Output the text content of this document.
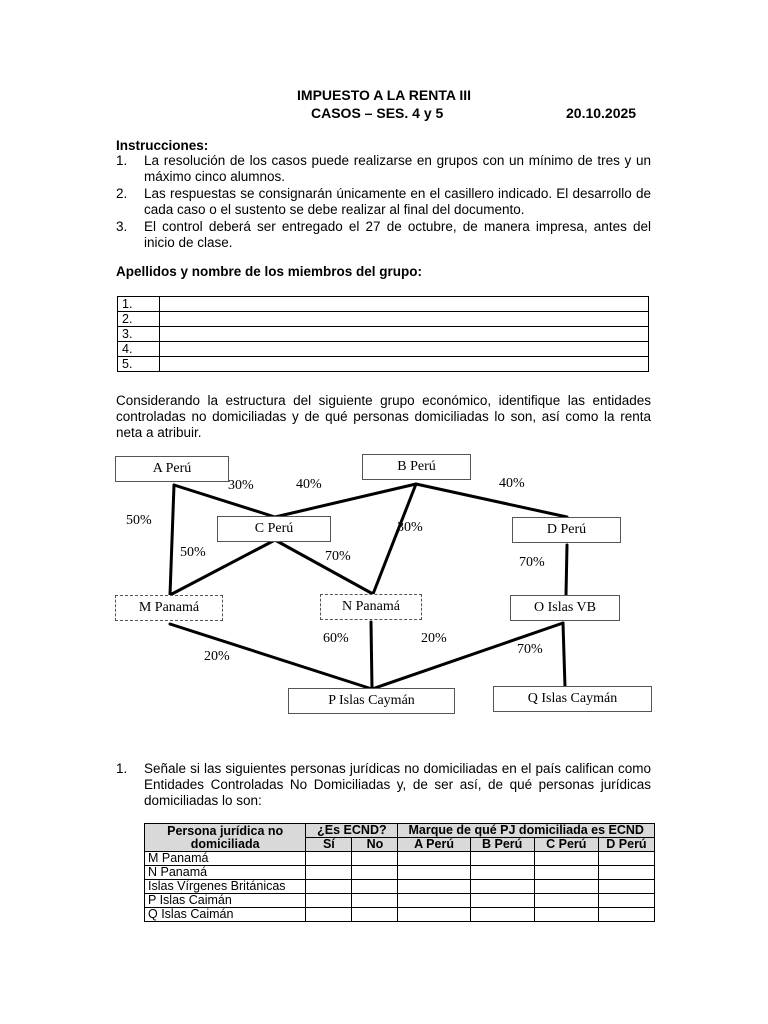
IMPUESTO A LA RENTA III
CASOS – SES. 4 y 5	20.10.2025
Instrucciones:
1. La resolución de los casos puede realizarse en grupos con un mínimo de tres y un máximo cinco alumnos.
2. Las respuestas se consignarán únicamente en el casillero indicado. El desarrollo de cada caso o el sustento se debe realizar al final del documento.
3. El control deberá ser entregado el 27 de octubre, de manera impresa, antes del inicio de clase.
Apellidos y nombre de los miembros del grupo:
1.	
2.	
3.	
4.	
5.	
Considerando la estructura del siguiente grupo económico, identifique las entidades controladas no domiciliadas y de qué personas domiciliadas lo son, así como la renta neta a atribuir.
A Perú	B Perú
C Perú	D Perú
M Panamá	N Panamá	O Islas VB
P Islas Caymán	Q Islas Caymán
30%	40%	40%
50%
50%
30%
70%	70%
60%	20%
20%	70%
1. Señale si las siguientes personas jurídicas no domiciliadas en el país califican como Entidades Controladas No Domiciliadas y, de ser así, de qué personas jurídicas domiciliadas lo son:
Persona jurídica no domiciliada	¿Es ECND?		Marque de qué PJ domiciliada es ECND			
	Sí	No	A Perú	B Perú	C Perú	D Perú
M Panamá						
N Panamá						
Islas Vírgenes Británicas						
P Islas Caimán						
Q Islas Caimán						
